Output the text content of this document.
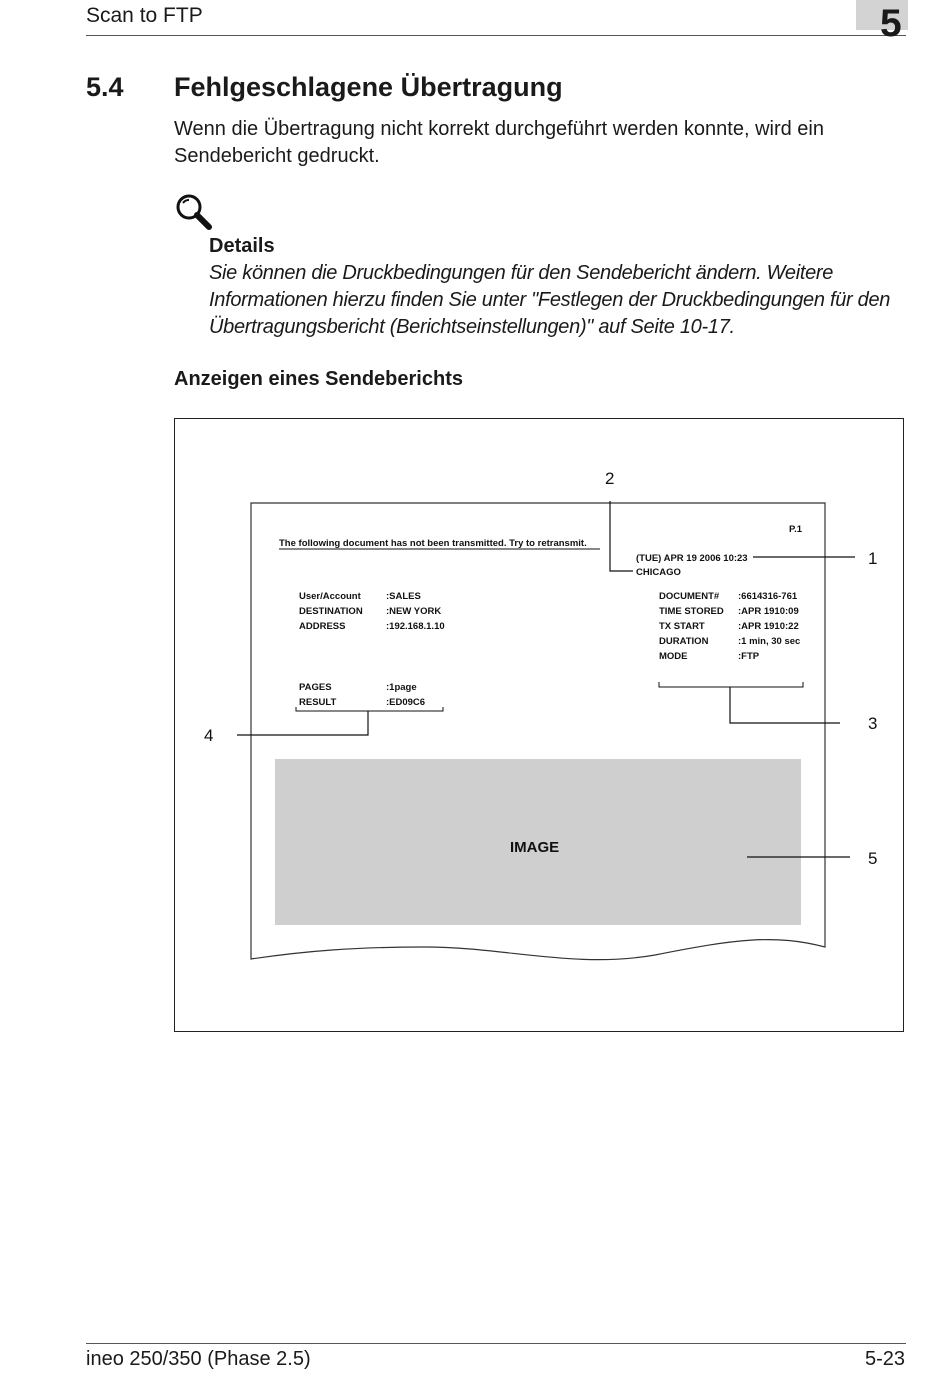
Scan to FTP	5
5.4 Fehlgeschlagene Übertragung
Wenn die Übertragung nicht korrekt durchgeführt werden konnte, wird ein Sendebericht gedruckt.
Details
Sie können die Druckbedingungen für den Sendebericht ändern. Weitere Informationen hierzu finden Sie unter "Festlegen der Druckbedingungen für den Übertragungsbericht (Berichtseinstellungen)" auf Seite 10-17.
Anzeigen eines Sendeberichts
The following document has not been transmitted. Try to retransmit.
P.1
(TUE) APR 19 2006 10:23
CHICAGO
User/Account	:SALES
DESTINATION :NEW YORK
ADDRESS	:192.168.1.10
DOCUMENT# :6614316-761
TIME STORED :APR 1910:09
TX START	:APR 1910:22
DURATION	:1 min, 30 sec
MODE	:FTP
PAGES	:1page
RESULT	:ED09C6
IMAGE
1
2
3
4
5
ineo 250/350 (Phase 2.5)	5-23
